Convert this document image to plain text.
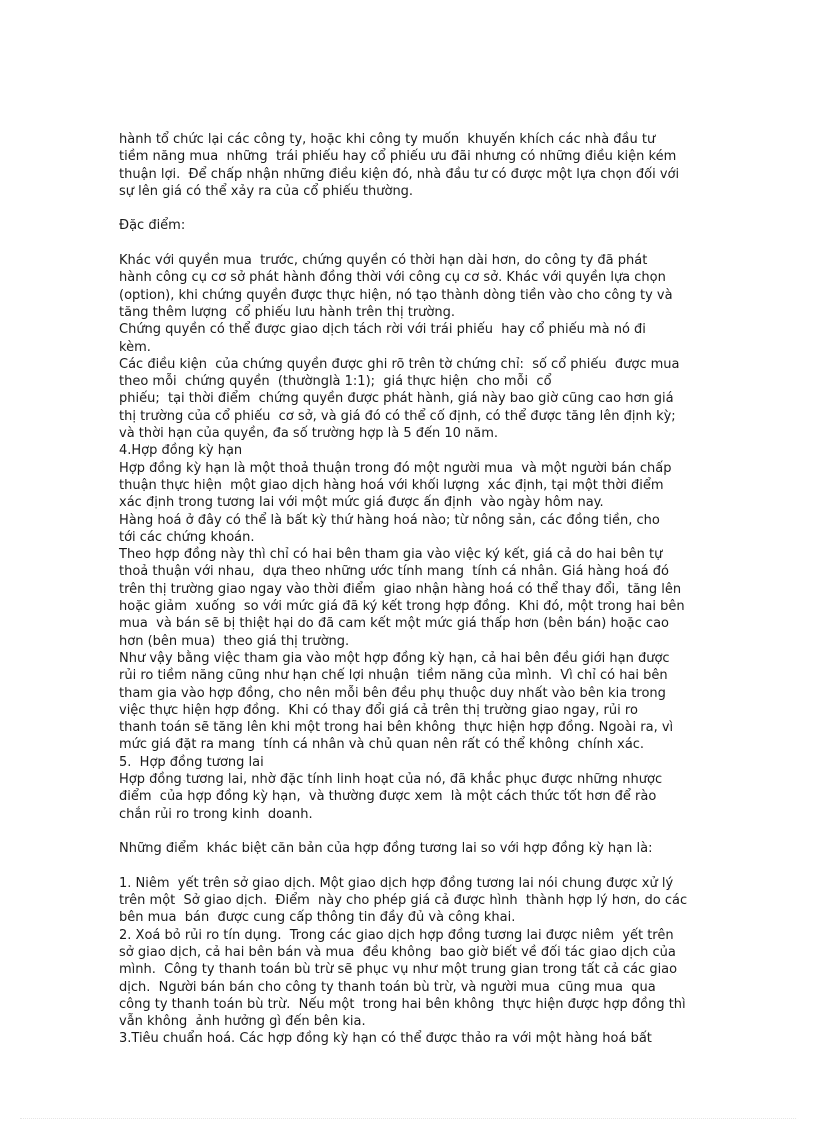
hành tổ chức lại các công ty, hoặc khi công ty muốn  khuyến khích các nhà đầu tư
tiềm năng mua  những  trái phiếu hay cổ phiếu ưu đãi nhưng có những điều kiện kém
thuận lợi.  Để chấp nhận những điều kiện đó, nhà đầu tư có được một lựa chọn đối với
sự lên giá có thể xảy ra của cổ phiếu thường.
Đặc điểm:
Khác với quyền mua  trước, chứng quyền có thời hạn dài hơn, do công ty đã phát
hành công cụ cơ sở phát hành đồng thời với công cụ cơ sở. Khác với quyền lựa chọn
(option), khi chứng quyền được thực hiện, nó tạo thành dòng tiền vào cho công ty và
tăng thêm lượng  cổ phiếu lưu hành trên thị trường.
Chứng quyền có thể được giao dịch tách rời với trái phiếu  hay cổ phiếu mà nó đi
kèm.
Các điều kiện  của chứng quyền được ghi rõ trên tờ chứng chỉ:  số cổ phiếu  được mua
theo mỗi  chứng quyền  (thườnglà 1:1);  giá thực hiện  cho mỗi  cổ
phiếu;  tại thời điểm  chứng quyền được phát hành, giá này bao giờ cũng cao hơn giá
thị trường của cổ phiếu  cơ sở, và giá đó có thể cố định, có thể được tăng lên định kỳ;
và thời hạn của quyền, đa số trường hợp là 5 đến 10 năm.
4.Hợp đồng kỳ hạn
Hợp đồng kỳ hạn là một thoả thuận trong đó một người mua  và một người bán chấp
thuận thực hiện  một giao dịch hàng hoá với khối lượng  xác định, tại một thời điểm
xác định trong tương lai với một mức giá được ấn định  vào ngày hôm nay.
Hàng hoá ở đây có thể là bất kỳ thứ hàng hoá nào; từ nông sản, các đồng tiền, cho
tới các chứng khoán.
Theo hợp đồng này thì chỉ có hai bên tham gia vào việc ký kết, giá cả do hai bên tự
thoả thuận với nhau,  dựa theo những ước tính mang  tính cá nhân. Giá hàng hoá đó
trên thị trường giao ngay vào thời điểm  giao nhận hàng hoá có thể thay đổi,  tăng lên
hoặc giảm  xuống  so với mức giá đã ký kết trong hợp đồng.  Khi đó, một trong hai bên
mua  và bán sẽ bị thiệt hại do đã cam kết một mức giá thấp hơn (bên bán) hoặc cao
hơn (bên mua)  theo giá thị trường.
Như vậy bằng việc tham gia vào một hợp đồng kỳ hạn, cả hai bên đều giới hạn được
rủi ro tiềm năng cũng như hạn chế lợi nhuận  tiềm năng của mình.  Vì chỉ có hai bên
tham gia vào hợp đồng, cho nên mỗi bên đều phụ thuộc duy nhất vào bên kia trong
việc thực hiện hợp đồng.  Khi có thay đổi giá cả trên thị trường giao ngay, rủi ro
thanh toán sẽ tăng lên khi một trong hai bên không  thực hiện hợp đồng. Ngoài ra, vì
mức giá đặt ra mang  tính cá nhân và chủ quan nên rất có thể không  chính xác.
5.  Hợp đồng tương lai
Hợp đồng tương lai, nhờ đặc tính linh hoạt của nó, đã khắc phục được những nhược
điểm  của hợp đồng kỳ hạn,  và thường được xem  là một cách thức tốt hơn để rào
chắn rủi ro trong kinh  doanh.
Những điểm  khác biệt căn bản của hợp đồng tương lai so với hợp đồng kỳ hạn là:
1. Niêm  yết trên sở giao dịch. Một giao dịch hợp đồng tương lai nói chung được xử lý
trên một  Sở giao dịch.  Điểm  này cho phép giá cả được hình  thành hợp lý hơn, do các
bên mua  bán  được cung cấp thông tin đầy đủ và công khai.
2. Xoá bỏ rủi ro tín dụng.  Trong các giao dịch hợp đồng tương lai được niêm  yết trên
sở giao dịch, cả hai bên bán và mua  đều không  bao giờ biết về đối tác giao dịch của
mình.  Công ty thanh toán bù trừ sẽ phục vụ như một trung gian trong tất cả các giao
dịch.  Người bán bán cho công ty thanh toán bù trừ, và người mua  cũng mua  qua
công ty thanh toán bù trừ.  Nếu một  trong hai bên không  thực hiện được hợp đồng thì
vẫn không  ảnh hưởng gì đến bên kia.
3.Tiêu chuẩn hoá. Các hợp đồng kỳ hạn có thể được thảo ra với một hàng hoá bất
